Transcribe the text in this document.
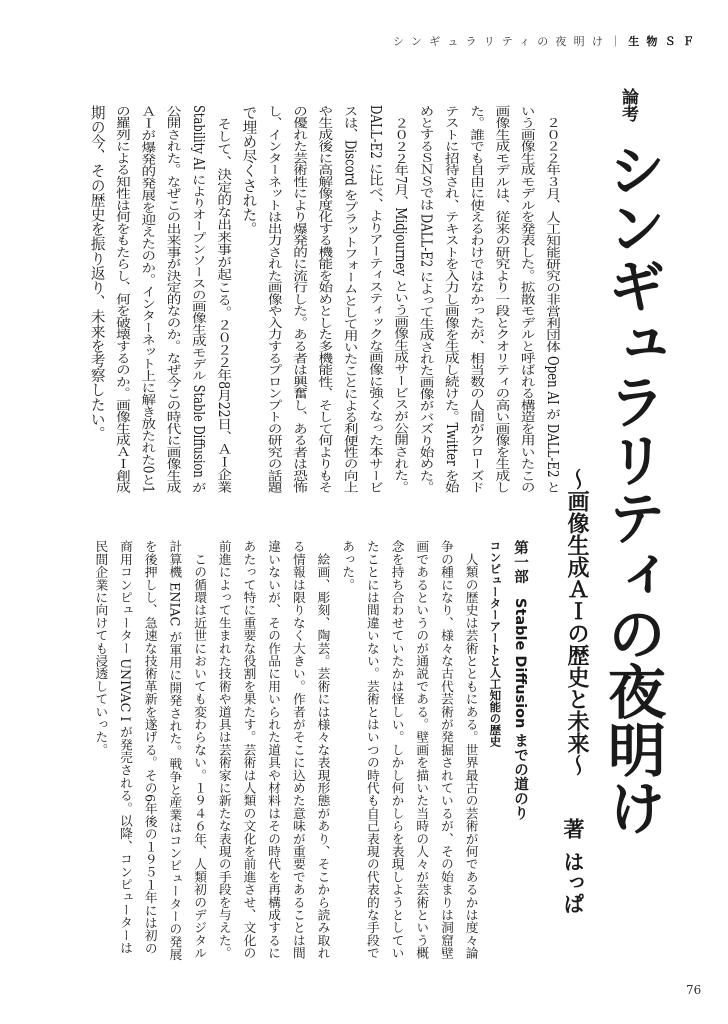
シンギュラリティの夜明け｜生物ＳＦ
論考
シンギュラリティの夜明け
～画像生成ＡＩの歴史と未来～
著はっぱ
　２０２２年３月、人工知能研究の非営利団体 Open AI が DALL-E2 と
いう画像生成モデルを発表した。拡散モデルと呼ばれる構造を用いたこの
画像生成モデルは、従来の研究より一段とクオリティの高い画像を生成し
た。誰でも自由に使えるわけではなかったが、相当数の人間がクローズド
テストに招待され、テキストを入力し画像を生成し続けた。Twitter を始
めとするＳＮＳでは DALL-E2 によって生成された画像がバズり始めた。
　２０２２年7月、Midjourney という画像生成サービスが公開された。
DALL-E2 に比べ、よりアーティスティックな画像に強くなった本サービ
スは、Discord をプラットフォームとして用いたことによる利便性の向上
や生成後に高解像度化する機能を始めとした多機能性、そして何よりもそ
の優れた芸術性により爆発的に流行した。ある者は興奮し、ある者は恐怖
し、インターネットは出力された画像や入力するプロンプトの研究の話題
で埋め尽くされた。
　そして、決定的な出来事が起こる。２０２２年8月22日、ＡＩ企業
Stability AI によりオープンソースの画像生成モデル Stable Diffusion が
公開された。なぜこの出来事が決定的なのか。なぜ今この時代に画像生成
ＡＩが爆発的発展を迎えたのか。インターネット上に解き放たれた0と1
の羅列による知性は何をもたらし、何を破壊するのか。画像生成ＡＩ創成
期の今、その歴史を振り返り、未来を考察したい。
第一部　Stable Diffusion までの道のり
コンピューターアートと人工知能の歴史
　人類の歴史は芸術とともにある。世界最古の芸術が何であるかは度々論
争の種になり、様々な古代芸術が発掘されているが、その始まりは洞窟壁
画であるというのが通説である。壁画を描いた当時の人々が芸術という概
念を持ち合わせていたかは怪しい。しかし何かしらを表現しようとしてい
たことには間違いない。芸術とはいつの時代も自己表現の代表的な手段で
あった。
　絵画、彫刻、陶芸。芸術には様々な表現形態があり、そこから読み取れ
る情報は限りなく大きい。作者がそこに込めた意味が重要であることは間
違いないが、その作品に用いられた道具や材料はその時代を再構成するに
あたって特に重要な役割を果たす。芸術は人類の文化を前進させ、文化の
前進によって生まれた技術や道具は芸術家に新たな表現の手段を与えた。
　この循環は近世においても変わらない。１９４６年、人類初のデジタル
計算機 ENIAC が軍用に開発された。戦争と産業はコンピューターの発展
を後押しし、急速な技術革新を遂げる。その6年後の１９５１年には初の
商用コンピューター UNIVAC I が発売される。以降、コンピューターは
民間企業に向けても浸透していった。
76
